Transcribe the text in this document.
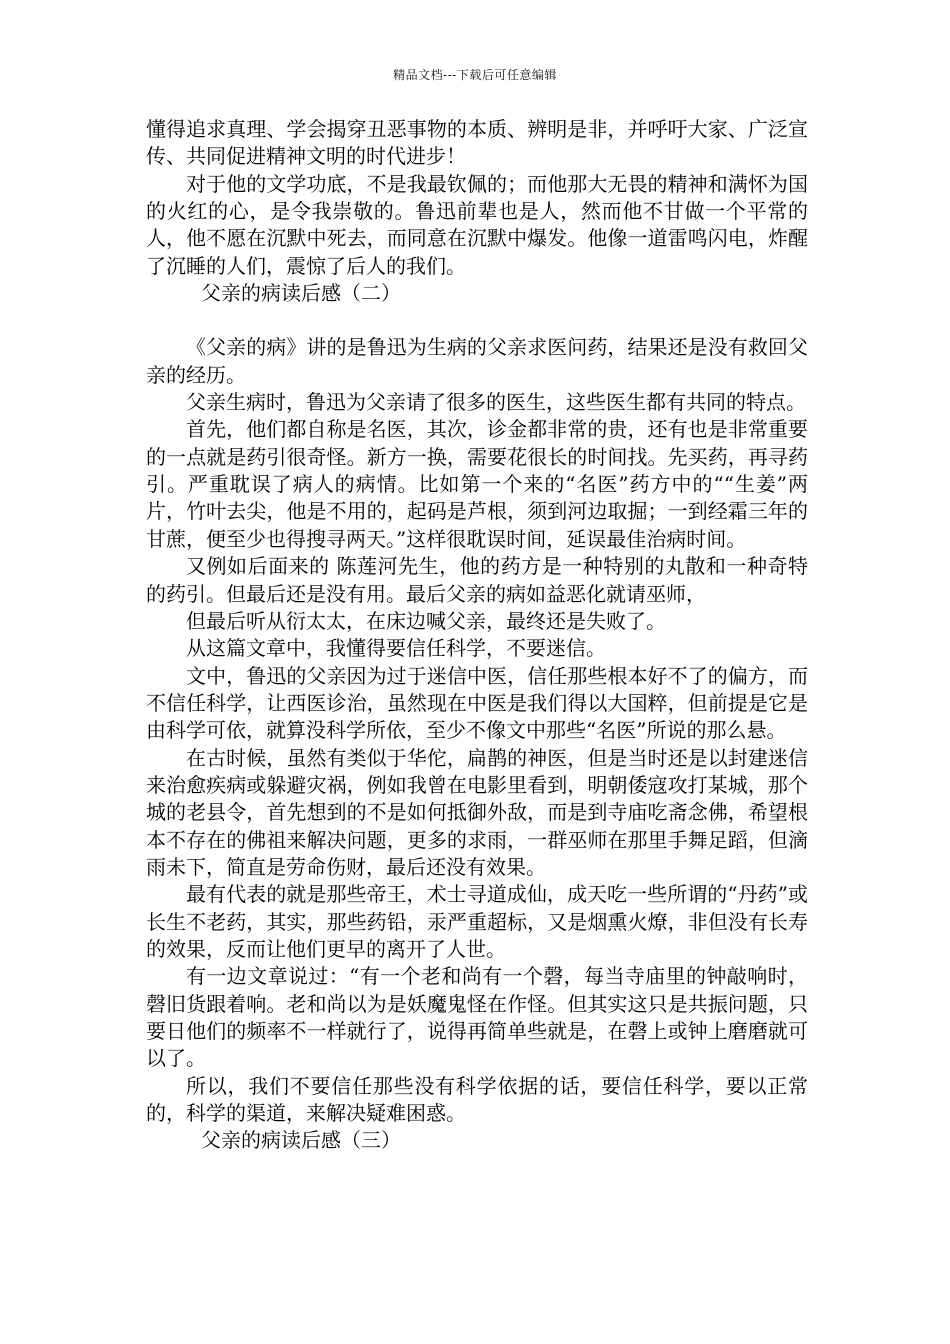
精品文档---下载后可任意编辑

懂得追求真理、学会揭穿丑恶事物的本质、辨明是非，并呼吁大家、广泛宣传、共同促进精神文明的时代进步！

对于他的文学功底，不是我最钦佩的；而他那大无畏的精神和满怀为国的火红的心，是令我崇敬的。鲁迅前辈也是人，然而他不甘做一个平常的人，他不愿在沉默中死去，而同意在沉默中爆发。他像一道雷鸣闪电，炸醒了沉睡的人们，震惊了后人的我们。

父亲的病读后感（二）

《父亲的病》讲的是鲁迅为生病的父亲求医问药，结果还是没有救回父亲的经历。

父亲生病时，鲁迅为父亲请了很多的医生，这些医生都有共同的特点。

首先，他们都自称是名医，其次，诊金都非常的贵，还有也是非常重要的一点就是药引很奇怪。新方一换，需要花很长的时间找。先买药，再寻药引。严重耽误了病人的病情。比如第一个来的“名医”药方中的““生姜”两片，竹叶去尖，他是不用的，起码是芦根，须到河边取掘；一到经霜三年的甘蔗，便至少也得搜寻两天。”这样很耽误时间，延误最佳治病时间。

又例如后面来的 陈莲河先生，他的药方是一种特别的丸散和一种奇特的药引。但最后还是没有用。最后父亲的病如益恶化就请巫师，

但最后听从衍太太，在床边喊父亲，最终还是失败了。

从这篇文章中，我懂得要信任科学，不要迷信。

文中，鲁迅的父亲因为过于迷信中医，信任那些根本好不了的偏方，而不信任科学，让西医诊治，虽然现在中医是我们得以大国粹，但前提是它是由科学可依，就算没科学所依，至少不像文中那些“名医”所说的那么悬。

在古时候，虽然有类似于华佗，扁鹊的神医，但是当时还是以封建迷信来治愈疾病或躲避灾祸，例如我曾在电影里看到，明朝倭寇攻打某城，那个城的老县令，首先想到的不是如何抵御外敌，而是到寺庙吃斋念佛，希望根本不存在的佛祖来解决问题，更多的求雨，一群巫师在那里手舞足蹈，但滴雨未下，简直是劳命伤财，最后还没有效果。

最有代表的就是那些帝王，术士寻道成仙，成天吃一些所谓的“丹药”或长生不老药，其实，那些药铅，汞严重超标，又是烟熏火燎，非但没有长寿的效果，反而让他们更早的离开了人世。

有一边文章说过：“有一个老和尚有一个磬，每当寺庙里的钟敲响时，磬旧货跟着响。老和尚以为是妖魔鬼怪在作怪。但其实这只是共振问题，只要日他们的频率不一样就行了，说得再简单些就是，在磬上或钟上磨磨就可以了。

所以，我们不要信任那些没有科学依据的话，要信任科学，要以正常的，科学的渠道，来解决疑难困惑。

父亲的病读后感（三）
